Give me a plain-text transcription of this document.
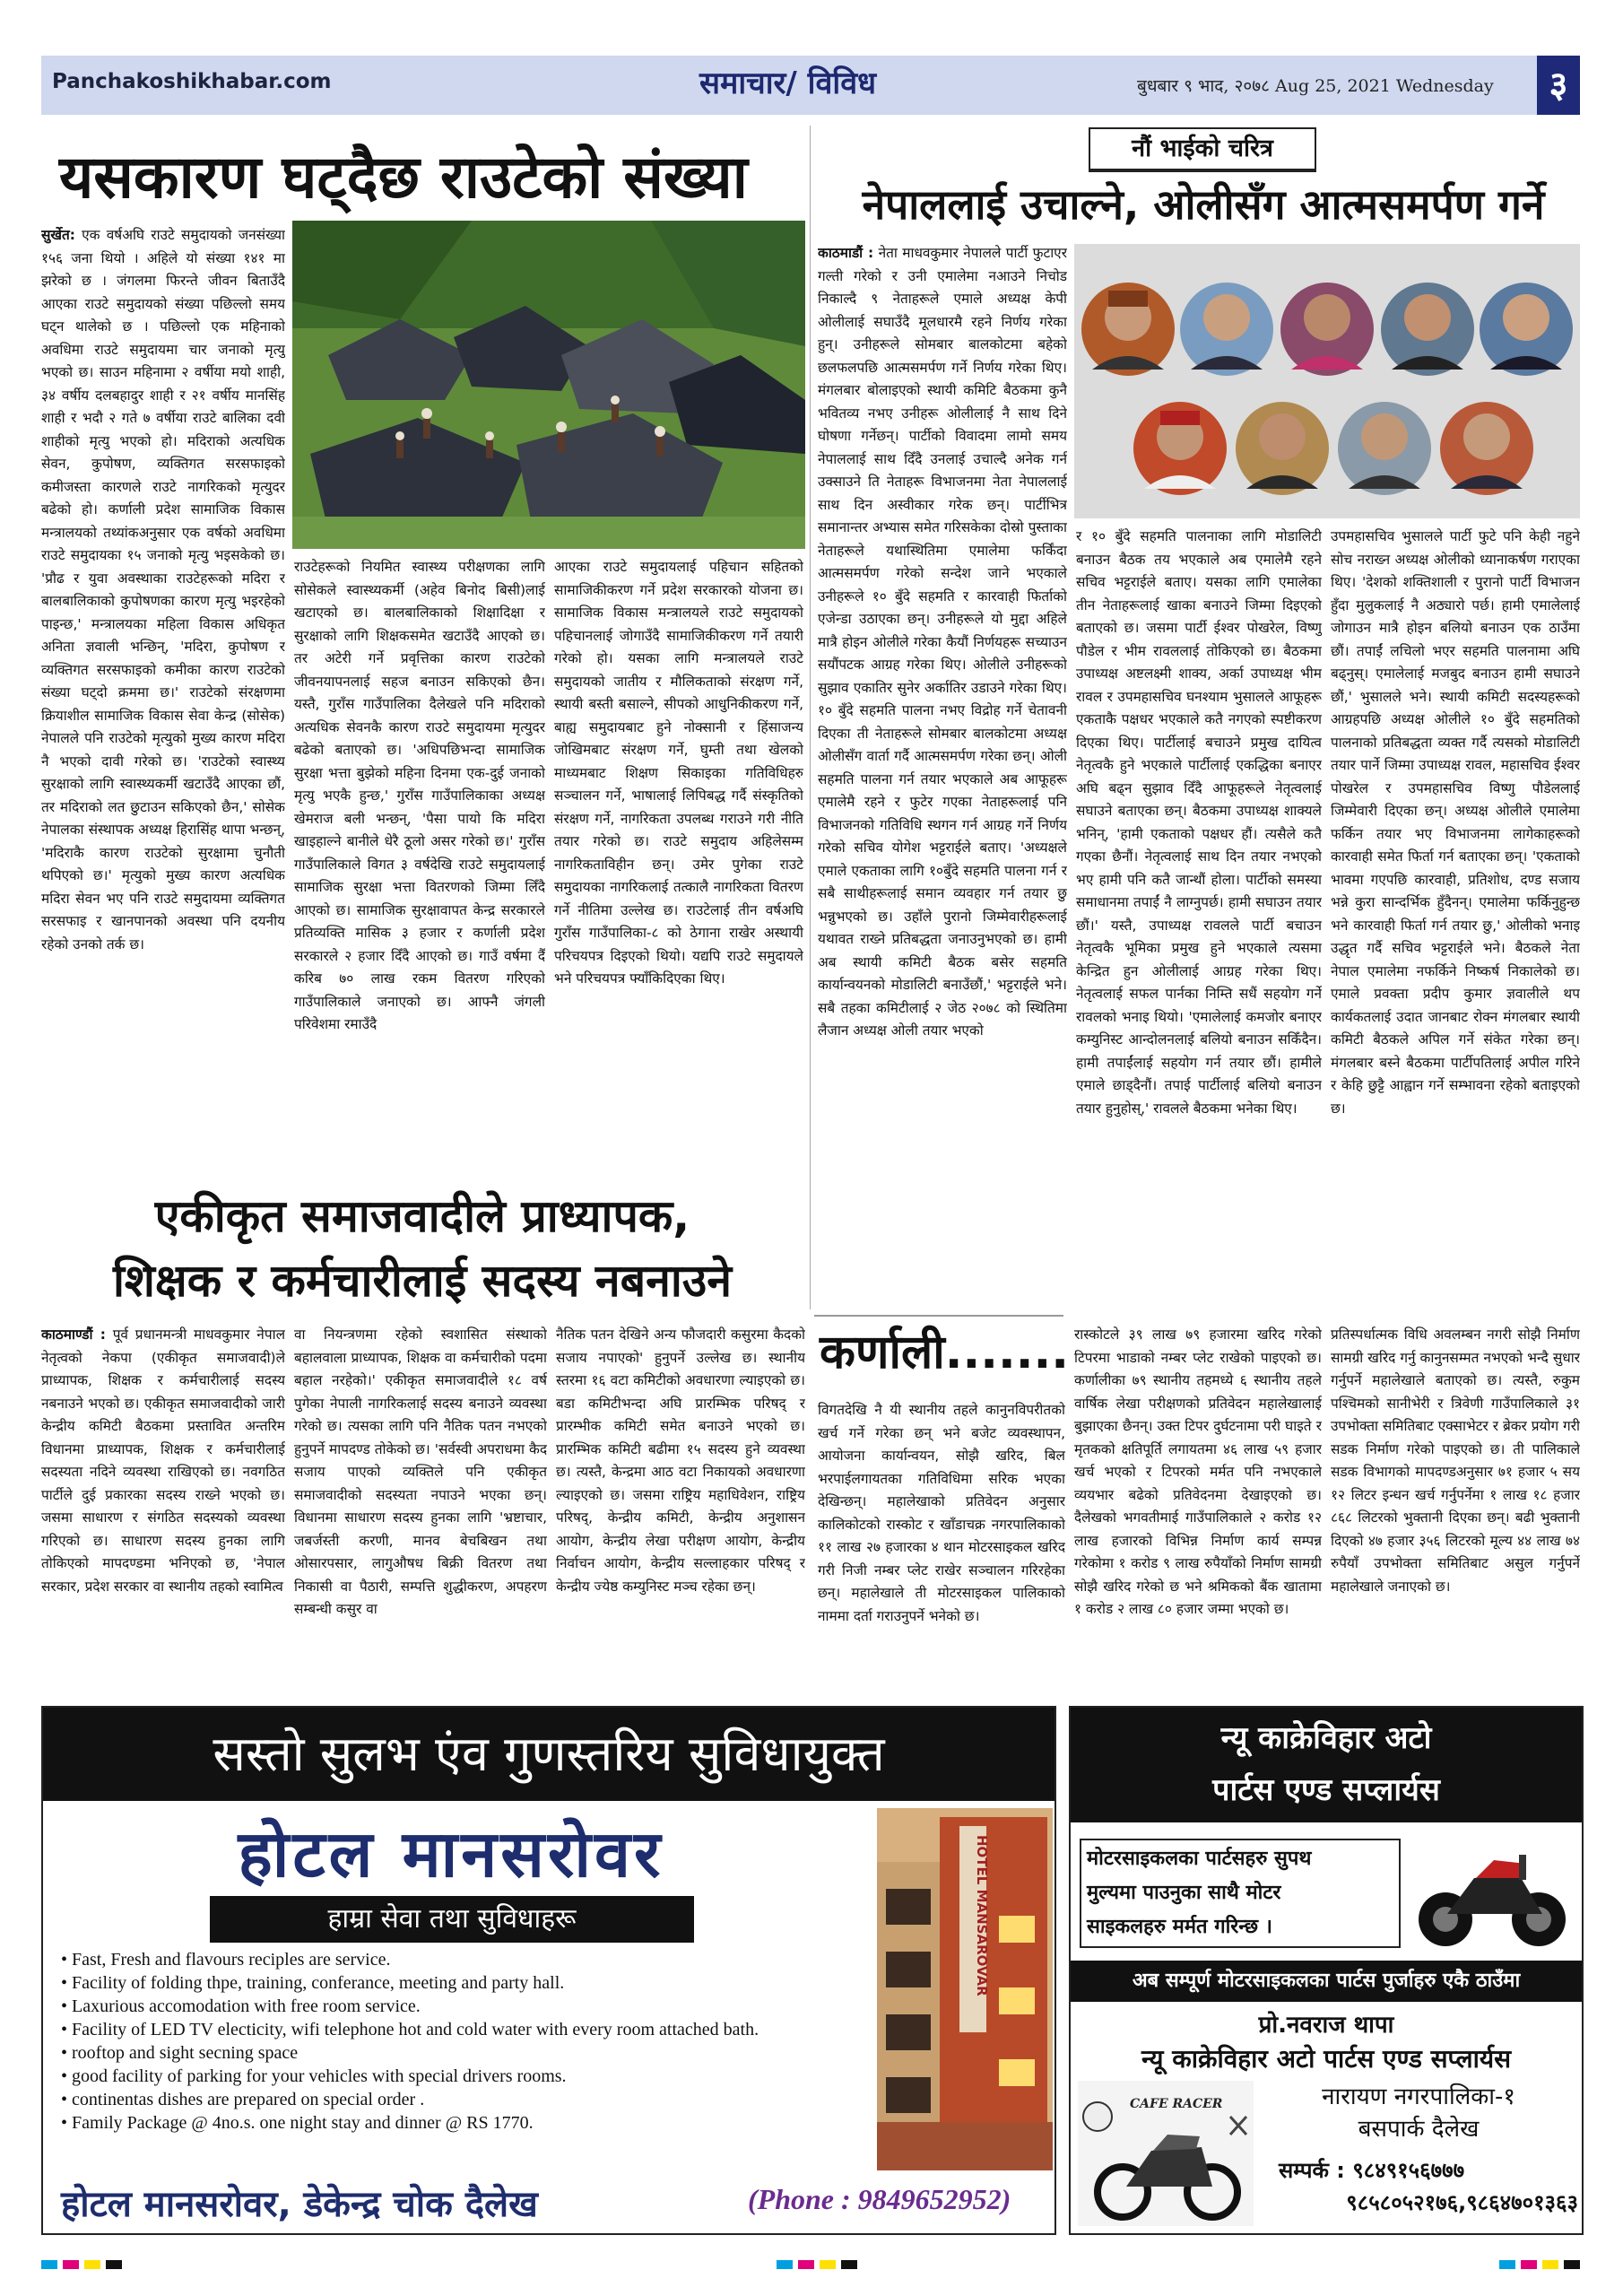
Panchakoshikhabar.com	समाचार/ विविध	बुधबार ९ भाद, २०७८ Aug 25, 2021 Wednesday	३
यसकारण घट्दैछ राउटेको संख्या
सुर्खेत: एक वर्षअघि राउटे समुदायको जनसंख्या १५६ जना थियो । अहिले यो संख्या १४१ मा झरेको छ । जंगलमा फिरन्ते जीवन बिताउँदै आएका राउटे समुदायको संख्या पछिल्लो समय घट्न थालेको छ । पछिल्लो एक महिनाको अवधिमा राउटे समुदायमा चार जनाको मृत्यु भएको छ। साउन महिनामा २ वर्षीया मयो शाही, ३४ वर्षीय दलबहादुर शाही र २१ वर्षीय मानसिंह शाही र भदौ २ गते ७ वर्षीया राउटे बालिका दवी शाहीको मृत्यु भएको हो। मदिराको अत्यधिक सेवन, कुपोषण, व्यक्तिगत सरसफाइको कमीजस्ता कारणले राउटे नागरिकको मृत्युदर बढेको हो। कर्णाली प्रदेश सामाजिक विकास मन्त्रालयको तथ्यांकअनुसार एक वर्षको अवधिमा राउटे समुदायका १५ जनाको मृत्यु भइसकेको छ। 'प्रौढ र युवा अवस्थाका राउटेहरूको मदिरा र बालबालिकाको कुपोषणका कारण मृत्यु भइरहेको पाइन्छ,' मन्त्रालयका महिला विकास अधिकृत अनिता ज्ञवाली भन्छिन्, 'मदिरा, कुपोषण र व्यक्तिगत सरसफाइको कमीका कारण राउटेको संख्या घट्दो क्रममा छ।' राउटेको संरक्षणमा क्रियाशील सामाजिक विकास सेवा केन्द्र (सोसेक) नेपालले पनि राउटेको मृत्युको मुख्य कारण मदिरा नै भएको दावी गरेको छ। 'राउटेको स्वास्थ्य सुरक्षाको लागि स्वास्थ्यकर्मी खटाउँदै आएका छौं, तर मदिराको लत छुटाउन सकिएको छैन,' सोसेक नेपालका संस्थापक अध्यक्ष हिरासिंह थापा भन्छन्, 'मदिराकै कारण राउटेको सुरक्षामा चुनौती थपिएको छ।' मृत्युको मुख्य कारण अत्यधिक मदिरा सेवन भए पनि राउटे समुदायमा व्यक्तिगत सरसफाइ र खानपानको अवस्था पनि दयनीय रहेको उनको तर्क छ।
राउटेहरूको नियमित स्वास्थ्य परीक्षणका लागि सोसेकले स्वास्थ्यकर्मी (अहेव बिनोद बिसी)लाई खटाएको छ। बालबालिकाको शिक्षादिक्षा र सुरक्षाको लागि शिक्षकसमेत खटाउँदै आएको छ। तर अटेरी गर्ने प्रवृत्तिका कारण राउटेको जीवनयापनलाई सहज बनाउन सकिएको छैन। यस्तै, गुराँस गाउँपालिका दैलेखले पनि मदिराको अत्यधिक सेवनकै कारण राउटे समुदायमा मृत्युदर बढेको बताएको छ। 'अधिपछिभन्दा सामाजिक सुरक्षा भत्ता बुझेको महिना दिनमा एक-दुई जनाको मृत्यु भएकै हुन्छ,' गुराँस गाउँपालिकाका अध्यक्ष खेमराज बली भन्छन्, 'पैसा पायो कि मदिरा खाइहाल्ने बानीले धेरै ठूलो असर गरेको छ।' गुराँस गाउँपालिकाले विगत ३ वर्षदेखि राउटे समुदायलाई सामाजिक सुरक्षा भत्ता वितरणको जिम्मा लिँदै आएको छ। सामाजिक सुरक्षावापत केन्द्र सरकारले प्रतिव्यक्ति मासिक ३ हजार र कर्णाली प्रदेश सरकारले २ हजार दिँदै आएको छ। गाउँ वर्षमा दैँ करिब ७० लाख रकम वितरण गरिएको गाउँपालिकाले जनाएको छ। आफ्नै जंगली परिवेशमा रमाउँदै
आएका राउटे समुदायलाई पहिचान सहितको सामाजिकीकरण गर्ने प्रदेश सरकारको योजना छ। सामाजिक विकास मन्त्रालयले राउटे समुदायको पहिचानलाई जोगाउँदै सामाजिकीकरण गर्ने तयारी गरेको हो। यसका लागि मन्त्रालयले राउटे समुदायको जातीय र मौलिकताको संरक्षण गर्ने, स्थायी बस्ती बसाल्ने, सीपको आधुनिकीकरण गर्ने, बाह्य समुदायबाट हुने नोक्सानी र हिंसाजन्य जोखिमबाट संरक्षण गर्ने, घुम्ती तथा खेलको माध्यमबाट शिक्षण सिकाइका गतिविधिहरु सञ्चालन गर्ने, भाषालाई लिपिबद्ध गर्दै संस्कृतिको संरक्षण गर्ने, नागरिकता उपलब्ध गराउने गरी नीति तयार गरेको छ। राउटे समुदाय अहिलेसम्म नागरिकताविहीन छन्। उमेर पुगेका राउटे समुदायका नागरिकलाई तत्कालै नागरिकता वितरण गर्ने नीतिमा उल्लेख छ। राउटेलाई तीन वर्षअघि गुराँस गाउँपालिका-८ को ठेगाना राखेर अस्थायी परिचयपत्र दिइएको थियो। यद्यपि राउटे समुदायले भने परिचयपत्र फ्याँकिदिएका थिए।
नौं भाईको चरित्र
नेपाललाई उचाल्ने, ओलीसँग आत्मसमर्पण गर्ने
काठमाडौं : नेता माधवकुमार नेपालले पार्टी फुटाएर गल्ती गरेको र उनी एमालेमा नआउने निचोड निकाल्दै ९ नेताहरूले एमाले अध्यक्ष केपी ओलीलाई सघाउँदै मूलधारमै रहने निर्णय गरेका हुन्। उनीहरूले सोमबार बालकोटमा बहेको छलफलपछि आत्मसमर्पण गर्ने निर्णय गरेका थिए। मंगलबार बोलाइएको स्थायी कमिटि बैठकमा कुनै भवितव्य नभए उनीहरू ओलीलाई नै साथ दिने घोषणा गर्नेछन्। पार्टीको विवादमा लामो समय नेपाललाई साथ दिँदै उनलाई उचाल्दै अनेक गर्न उक्साउने ति नेताहरू विभाजनमा नेता नेपाललाई साथ दिन अस्वीकार गरेक छन्। पार्टीभित्र समानान्तर अभ्यास समेत गरिसकेका दोस्रो पुस्ताका नेताहरूले यथास्थितिमा एमालेमा फर्किंदा आत्मसमर्पण गरेको सन्देश जाने भएकाले उनीहरूले १० बुँदे सहमति र कारवाही फिर्ताको एजेन्डा उठाएका छन्। उनीहरूले यो मुद्दा अहिले मात्रै होइन ओलीले गरेका कैयौं निर्णयहरू सच्याउन सयौंपटक आग्रह गरेका थिए। ओलीले उनीहरूको सुझाव एकातिर सुनेर अर्कातिर उडाउने गरेका थिए। १० बुँदे सहमति पालना नभए विद्रोह गर्ने चेतावनी दिएका ती नेताहरूले सोमबार बालकोटमा अध्यक्ष ओलीसँग वार्ता गर्दै आत्मसमर्पण गरेका छन्। ओली सहमति पालना गर्न तयार भएकाले अब आफूहरू एमालेमै रहने र फुटेर गएका नेताहरूलाई पनि विभाजनको गतिविधि स्थगन गर्न आग्रह गर्ने निर्णय गरेको सचिव योगेश भट्टराईले बताए। 'अध्यक्षले एमाले एकताका लागि १०बुँदे सहमति पालना गर्न र सबै साथीहरूलाई समान व्यवहार गर्न तयार छु भन्नुभएको छ। उहाँले पुरानो जिम्मेवारीहरूलाई यथावत राख्ने प्रतिबद्धता जनाउनुभएको छ। हामी अब स्थायी कमिटी बैठक बसेर सहमति कार्यान्वयनको मोडालिटी बनाउँछौं,' भट्टराईले भने। सबै तहका कमिटीलाई २ जेठ २०७८ को स्थितिमा लैजान अध्यक्ष ओली तयार भएको
र १० बुँदे सहमति पालनाका लागि मोडालिटी बनाउन बैठक तय भएकाले अब एमालेमै रहने सचिव भट्टराईले बताए। यसका लागि एमालेका तीन नेताहरूलाई खाका बनाउने जिम्मा दिइएको बताएको छ। जसमा पार्टी ईश्वर पोखरेल, विष्णु पौडेल र भीम रावललाई तोकिएको छ। बैठकमा उपाध्यक्ष अष्टलक्ष्मी शाक्य, अर्का उपाध्यक्ष भीम रावल र उपमहासचिव घनश्याम भुसालले आफूहरू एकताकै पक्षधर भएकाले कतै नगएको स्पष्टीकरण दिएका थिए। पार्टीलाई बचाउने प्रमुख दायित्व नेतृत्वकै हुने भएकाले पार्टीलाई एकद्धिका बनाएर अघि बढ्न सुझाव दिँदै आफूहरूले नेतृत्वलाई सघाउने बताएका छन्। बैठकमा उपाध्यक्ष शाक्यले भनिन्, 'हामी एकताको पक्षधर हौं। त्यसैले कतै गएका छैनौं। नेतृत्वलाई साथ दिन तयार नभएको भए हामी पनि कतै जान्थौं होला। पार्टीको समस्या समाधानमा तपाईं नै लाग्नुपर्छ। हामी सघाउन तयार छौं।' यस्तै, उपाध्यक्ष रावलले पार्टी बचाउन नेतृत्वकै भूमिका प्रमुख हुने भएकाले त्यसमा केन्द्रित हुन ओलीलाई आग्रह गरेका थिए। नेतृत्वलाई सफल पार्नका निम्ति सधैं सहयोग गर्ने रावलको भनाइ थियो। 'एमालेलाई कमजोर बनाएर कम्युनिस्ट आन्दोलनलाई बलियो बनाउन सकिँदैन। हामी तपाईंलाई सहयोग गर्न तयार छौं। हामीले एमाले छाड्दैनौं। तपाई पार्टीलाई बलियो बनाउन तयार हुनुहोस्,' रावलले बैठकमा भनेका थिए।
उपमहासचिव भुसालले पार्टी फुटे पनि केही नहुने सोच नराख्न अध्यक्ष ओलीको ध्यानाकर्षण गराएका थिए। 'देशको शक्तिशाली र पुरानो पार्टी विभाजन हुँदा मुलुकलाई नै अठ्यारो पर्छ। हामी एमालेलाई जोगाउन मात्रै होइन बलियो बनाउन एक ठाउँमा छौं। तपाईं लचिलो भएर सहमति पालनामा अघि बढ्नुस्। एमालेलाई मजबुद बनाउन हामी सघाउने छौं,' भुसालले भने। स्थायी कमिटी सदस्यहरूको आग्रहपछि अध्यक्ष ओलीले १० बुँदे सहमतिको पालनाको प्रतिबद्धता व्यक्त गर्दै त्यसको मोडालिटी तयार पार्ने जिम्मा उपाध्यक्ष रावल, महासचिव ईश्वर पोखरेल र उपमहासचिव विष्णु पौडेललाई जिम्मेवारी दिएका छन्। अध्यक्ष ओलीले एमालेमा फर्किन तयार भए विभाजनमा लागेकाहरूको कारवाही समेत फिर्ता गर्न बताएका छन्। 'एकताको भावमा गएपछि कारवाही, प्रतिशोध, दण्ड सजाय भन्ने कुरा सान्दर्भिक हुँदैनन्। एमालेमा फर्किनुहुन्छ भने कारवाही फिर्ता गर्न तयार छु,' ओलीको भनाइ उद्धृत गर्दै सचिव भट्टराईले भने। बैठकले नेता नेपाल एमालेमा नफर्किने निष्कर्ष निकालेको छ। एमाले प्रवक्ता प्रदीप कुमार ज्ञवालीले थप कार्यकतलाई उदात जानबाट रोक्न मंगलबार स्थायी कमिटी बैठकले अपिल गर्ने संकेत गरेका छन्। मंगलबार बस्ने बैठकमा पार्टीपतिलाई अपील गरिने र केहि छुट्टै आह्वान गर्ने सम्भावना रहेको बताइएको छ।
एकीकृत समाजवादीले प्राध्यापक,
शिक्षक र कर्मचारीलाई सदस्य नबनाउने
काठमाण्डौं : पूर्व प्रधानमन्त्री माधवकुमार नेपाल नेतृत्वको नेकपा (एकीकृत समाजवादी)ले प्राध्यापक, शिक्षक र कर्मचारीलाई सदस्य नबनाउने भएको छ। एकीकृत समाजवादीको जारी केन्द्रीय कमिटी बैठकमा प्रस्तावित अन्तरिम विधानमा प्राध्यापक, शिक्षक र कर्मचारीलाई सदस्यता नदिने व्यवस्था राखिएको छ। नवगठित पार्टीले दुई प्रकारका सदस्य राख्ने भएको छ। जसमा साधारण र संगठित सदस्यको व्यवस्था गरिएको छ। साधारण सदस्य हुनका लागि तोकिएको मापदण्डमा भनिएको छ, 'नेपाल सरकार, प्रदेश सरकार वा स्थानीय तहको स्वामित्व
वा नियन्त्रणमा रहेको स्वशासित संस्थाको बहालवाला प्राध्यापक, शिक्षक वा कर्मचारीको पदमा बहाल नरहेको।' एकीकृत समाजवादीले १८ वर्ष पुगेका नेपाली नागरिकलाई सदस्य बनाउने व्यवस्था गरेको छ। त्यसका लागि पनि नैतिक पतन नभएको हुनुपर्ने मापदण्ड तोकेको छ। 'सर्वस्वी अपराधमा कैद सजाय पाएको व्यक्तिले पनि एकीकृत समाजवादीको सदस्यता नपाउने भएका छन्। विधानमा साधारण सदस्य हुनका लागि 'भ्रष्टाचार, जबर्जस्ती करणी, मानव बेचबिखन तथा ओसारपसार, लागुऔषध बिक्री वितरण तथा निकासी वा पैठारी, सम्पत्ति शुद्धीकरण, अपहरण सम्बन्धी कसुर वा
नैतिक पतन देखिने अन्य फौजदारी कसुरमा कैदको सजाय नपाएको' हुनुपर्ने उल्लेख छ। स्थानीय स्तरमा १६ वटा कमिटीको अवधारणा ल्याइएको छ। बडा कमिटीभन्दा अघि प्रारम्भिक परिषद् र प्रारम्भीक कमिटी समेत बनाउने भएको छ। प्रारम्भिक कमिटी बढीमा १५ सदस्य हुने व्यवस्था छ। त्यस्तै, केन्द्रमा आठ वटा निकायको अवधारणा ल्याइएको छ। जसमा राष्ट्रिय महाधिवेशन, राष्ट्रिय परिषद्, केन्द्रीय कमिटी, केन्द्रीय अनुशासन आयोग, केन्द्रीय लेखा परीक्षण आयोग, केन्द्रीय निर्वाचन आयोग, केन्द्रीय सल्लाहकार परिषद् र केन्द्रीय ज्येष्ठ कम्युनिस्ट मञ्च रहेका छन्।
कर्णाली.......
विगतदेखि नै यी स्थानीय तहले कानुनविपरीतको खर्च गर्ने गरेका छन् भने बजेट व्यवस्थापन, आयोजना कार्यान्वयन, सोझै खरिद, बिल भरपाईलगायतका गतिविधिमा सरिक भएका देखिन्छन्। महालेखाको प्रतिवेदन अनुसार कालिकोटको रास्कोट र खाँडाचक्र नगरपालिकाको ११ लाख २७ हजारका ४ थान मोटरसाइकल खरिद गरी निजी नम्बर प्लेट राखेर सञ्चालन गरिरहेका छन्। महालेखाले ती मोटरसाइकल पालिकाको नाममा दर्ता गराउनुपर्ने भनेको छ।
रास्कोटले ३९ लाख ७९ हजारमा खरिद गरेको टिपरमा भाडाको नम्बर प्लेट राखेको पाइएको छ। कर्णालीका ७९ स्थानीय तहमध्ये ६ स्थानीय तहले वार्षिक लेखा परीक्षणको प्रतिवेदन महालेखालाई बुझाएका छैनन्। उक्त टिपर दुर्घटनामा परी घाइते र मृतकको क्षतिपूर्ति लगायतमा ४६ लाख ५९ हजार खर्च भएको र टिपरको मर्मत पनि नभएकाले व्ययभार बढेको प्रतिवेदनमा देखाइएको छ। दैलेखको भगवतीमाई गाउँपालिकाले २ करोड १२ लाख हजारको विभिन्न निर्माण कार्य सम्पन्न गरेकोमा १ करोड ९ लाख रुपैयाँको निर्माण सामग्री सोझै खरिद गरेको छ भने श्रमिकको बैंक खातामा १ करोड २ लाख ८० हजार जम्मा भएको छ।
प्रतिस्पर्धात्मक विधि अवलम्बन नगरी सोझै निर्माण सामग्री खरिद गर्नु कानुनसम्मत नभएको भन्दै सुधार गर्नुपर्ने महालेखाले बताएको छ। त्यस्तै, रुकुम पश्चिमको सानीभेरी र त्रिवेणी गाउँपालिकाले ३१ उपभोक्ता समितिबाट एक्साभेटर र ब्रेकर प्रयोग गरी सडक निर्माण गरेको पाइएको छ। ती पालिकाले सडक विभागको मापदण्डअनुसार ७१ हजार ५ सय १२ लिटर इन्धन खर्च गर्नुपर्नेमा १ लाख १८ हजार ८६८ लिटरको भुक्तानी दिएका छन्। बढी भुक्तानी दिएको ४७ हजार ३५६ लिटरको मूल्य ४४ लाख ७४ रुपैयाँ उपभोक्ता समितिबाट असुल गर्नुपर्ने महालेखाले जनाएको छ।
सस्तो सुलभ एंव गुणस्तरिय सुविधायुक्त
होटल मानसरोवर
हाम्रा सेवा तथा सुविधाहरू
• Fast, Fresh and flavours reciples are service.
• Facility of folding thpe, training, conferance, meeting and party hall.
• Laxurious accomodation with free room service.
• Facility of LED TV electicity, wifi telephone hot and cold water with every room attached bath.
• rooftop and sight secning space
• good facility of parking for your vehicles with special drivers rooms.
• continentas dishes are prepared on special order .
• Family Package @ 4no.s. one night stay and dinner @ RS 1770.
HOTEL MANSAROVAR
होटल मानसरोवर, डेकेन्द्र चोक दैलेख	(Phone : 9849652952)
न्यू काक्रेविहार अटो
पार्टस एण्ड सप्लार्यस
मोटरसाइकलका पार्टसहरु सुपथ
मुल्यमा पाउनुका साथै मोटर
साइकलहरु मर्मत गरिन्छ ।
अब सम्पूर्ण मोटरसाइकलका पार्टस पुर्जाहरु एकै ठाउँमा
प्रो.नवराज थापा
न्यू काक्रेविहार अटो पार्टस एण्ड सप्लार्यस
CAFE RACER	नारायण नगरपालिका-१
बसपार्क दैलेख
सम्पर्क : ९८४९१५६७७७
९८५८०५२१७६,९८६४७०१३६३
